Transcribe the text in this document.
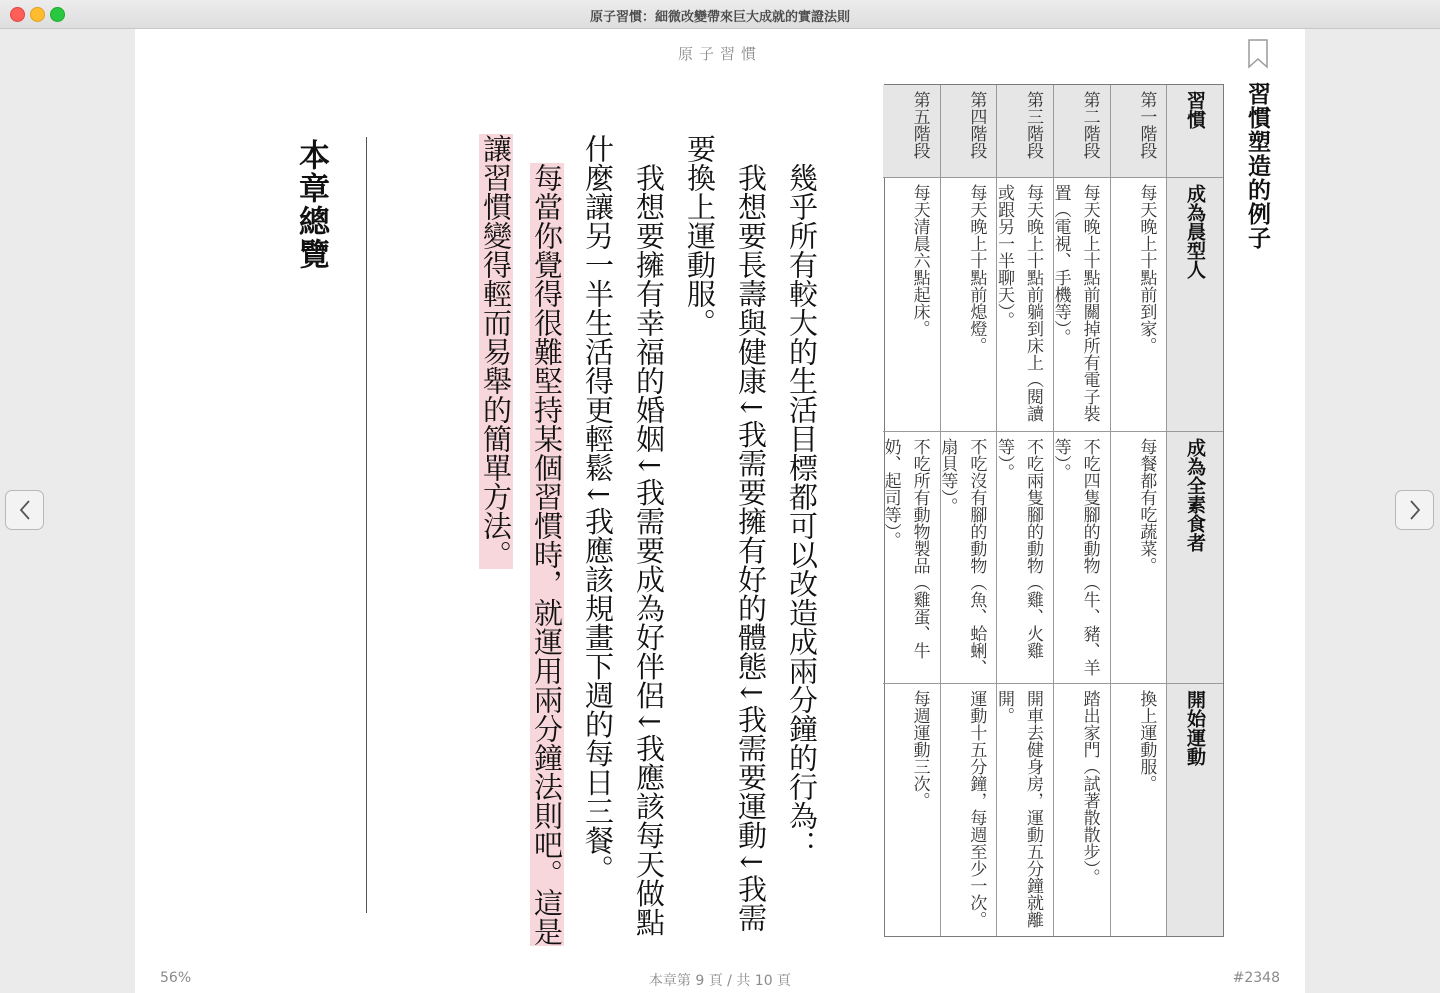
原子習慣：細微改變帶來巨大成就的實證法則
原子習慣
習慣塑造的例子
習慣
成為晨型人
成為全素食者
開始運動
第一階段
每天晚上十點前到家。
每餐都有吃蔬菜。
換上運動服。
第二階段
每天晚上十點前關掉所有電子裝置（電視、手機等）。
不吃四隻腳的動物（牛、豬、羊等）。
踏出家門（試著散散步）。
第三階段
每天晚上十點前躺到床上（閱讀或跟另一半聊天）。
不吃兩隻腳的動物（雞、火雞等）。
開車去健身房，運動五分鐘就離開。
第四階段
每天晚上十點前熄燈。
不吃沒有腳的動物（魚、蛤蜊、扇貝等）。
運動十五分鐘，每週至少一次。
第五階段
每天清晨六點起床。
不吃所有動物製品（雞蛋、牛奶、起司等）。
每週運動三次。

幾乎所有較大的生活目標都可以改造成兩分鐘的行為：

我想要長壽與健康↓我需要擁有好的體態↓我需要運動↓我需要換上運動服。

我想要擁有幸福的婚姻↓我需要成為好伴侶↓我應該每天做點什麼讓另一半生活得更輕鬆↓我應該規畫下週的每日三餐。

每當你覺得很難堅持某個習慣時，就運用兩分鐘法則吧。這是讓習慣變得輕而易舉的簡單方法。

本章總覽
56%	本章第 9 頁 / 共 10 頁	#2348
